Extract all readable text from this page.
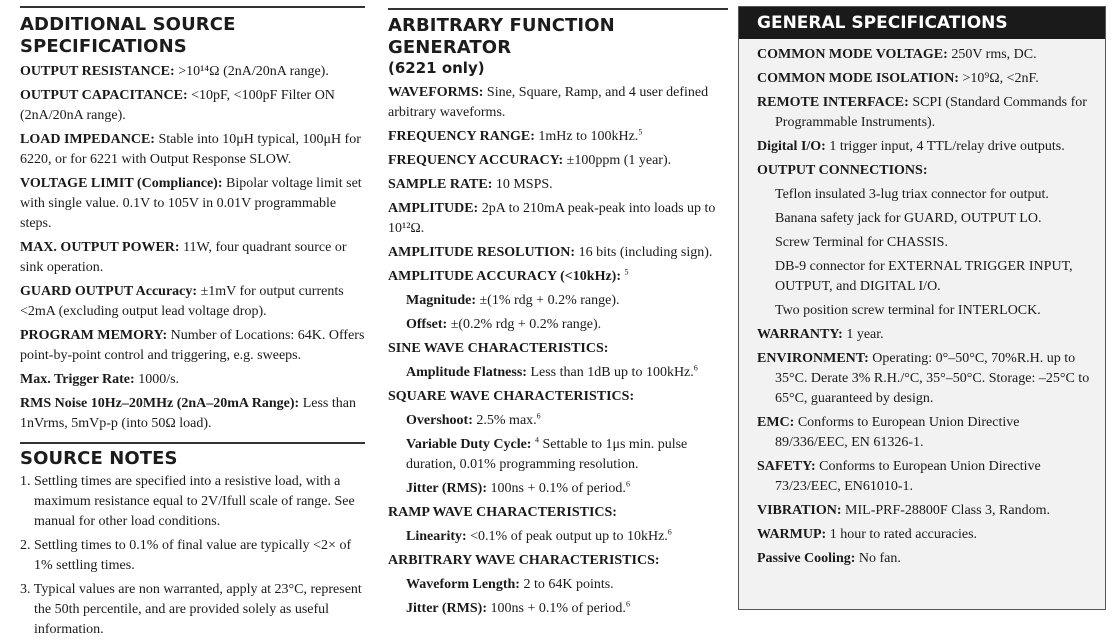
ADDITIONAL SOURCE SPECIFICATIONS
OUTPUT RESISTANCE: >10¹⁴Ω (2nA/20nA range).
OUTPUT CAPACITANCE: <10pF, <100pF Filter ON (2nA/20nA range).
LOAD IMPEDANCE: Stable into 10μH typical, 100μH for 6220, or for 6221 with Output Response SLOW.
VOLTAGE LIMIT (Compliance): Bipolar voltage limit set with single value. 0.1V to 105V in 0.01V programmable steps.
MAX. OUTPUT POWER: 11W, four quadrant source or sink operation.
GUARD OUTPUT Accuracy: ±1mV for output currents <2mA (excluding output lead voltage drop).
PROGRAM MEMORY: Number of Locations: 64K. Offers point-by-point control and triggering, e.g. sweeps.
Max. Trigger Rate: 1000/s.
RMS Noise 10Hz–20MHz (2nA–20mA Range): Less than 1nVrms, 5mVp-p (into 50Ω load).
SOURCE NOTES
1. Settling times are specified into a resistive load, with a maximum resistance equal to 2V/Ifull scale of range. See manual for other load conditions.
2. Settling times to 0.1% of final value are typically <2× of 1% settling times.
3. Typical values are non warranted, apply at 23°C, represent the 50th percentile, and are provided solely as useful information.
ARBITRARY FUNCTION GENERATOR
(6221 only)
WAVEFORMS: Sine, Square, Ramp, and 4 user defined arbitrary waveforms.
FREQUENCY RANGE: 1mHz to 100kHz.$^5$
FREQUENCY ACCURACY: ±100ppm (1 year).
SAMPLE RATE: 10 MSPS.
AMPLITUDE: 2pA to 210mA peak-peak into loads up to 10¹²Ω.
AMPLITUDE RESOLUTION: 16 bits (including sign).
AMPLITUDE ACCURACY (<10kHz): $^5$
Magnitude: ±(1% rdg + 0.2% range).
Offset: ±(0.2% rdg + 0.2% range).
SINE WAVE CHARACTERISTICS:
Amplitude Flatness: Less than 1dB up to 100kHz.$^6$
SQUARE WAVE CHARACTERISTICS:
Overshoot: 2.5% max.$^6$
Variable Duty Cycle: $^4$ Settable to 1μs min. pulse duration, 0.01% programming resolution.
Jitter (RMS): 100ns + 0.1% of period.$^6$
RAMP WAVE CHARACTERISTICS:
Linearity: <0.1% of peak output up to 10kHz.$^6$
ARBITRARY WAVE CHARACTERISTICS:
Waveform Length: 2 to 64K points.
Jitter (RMS): 100ns + 0.1% of period.$^6$
GENERAL SPECIFICATIONS
COMMON MODE VOLTAGE: 250V rms, DC.
COMMON MODE ISOLATION: >10⁹Ω, <2nF.
REMOTE INTERFACE: SCPI (Standard Commands for Programmable Instruments).
Digital I/O: 1 trigger input, 4 TTL/relay drive outputs.
OUTPUT CONNECTIONS:
Teflon insulated 3-lug triax connector for output.
Banana safety jack for GUARD, OUTPUT LO.
Screw Terminal for CHASSIS.
DB-9 connector for EXTERNAL TRIGGER INPUT, OUTPUT, and DIGITAL I/O.
Two position screw terminal for INTERLOCK.
WARRANTY: 1 year.
ENVIRONMENT: Operating: 0°–50°C, 70%R.H. up to 35°C. Derate 3% R.H./°C, 35°–50°C. Storage: –25°C to 65°C, guaranteed by design.
EMC: Conforms to European Union Directive 89/336/EEC, EN 61326-1.
SAFETY: Conforms to European Union Directive 73/23/EEC, EN61010-1.
VIBRATION: MIL-PRF-28800F Class 3, Random.
WARMUP: 1 hour to rated accuracies.
Passive Cooling: No fan.
